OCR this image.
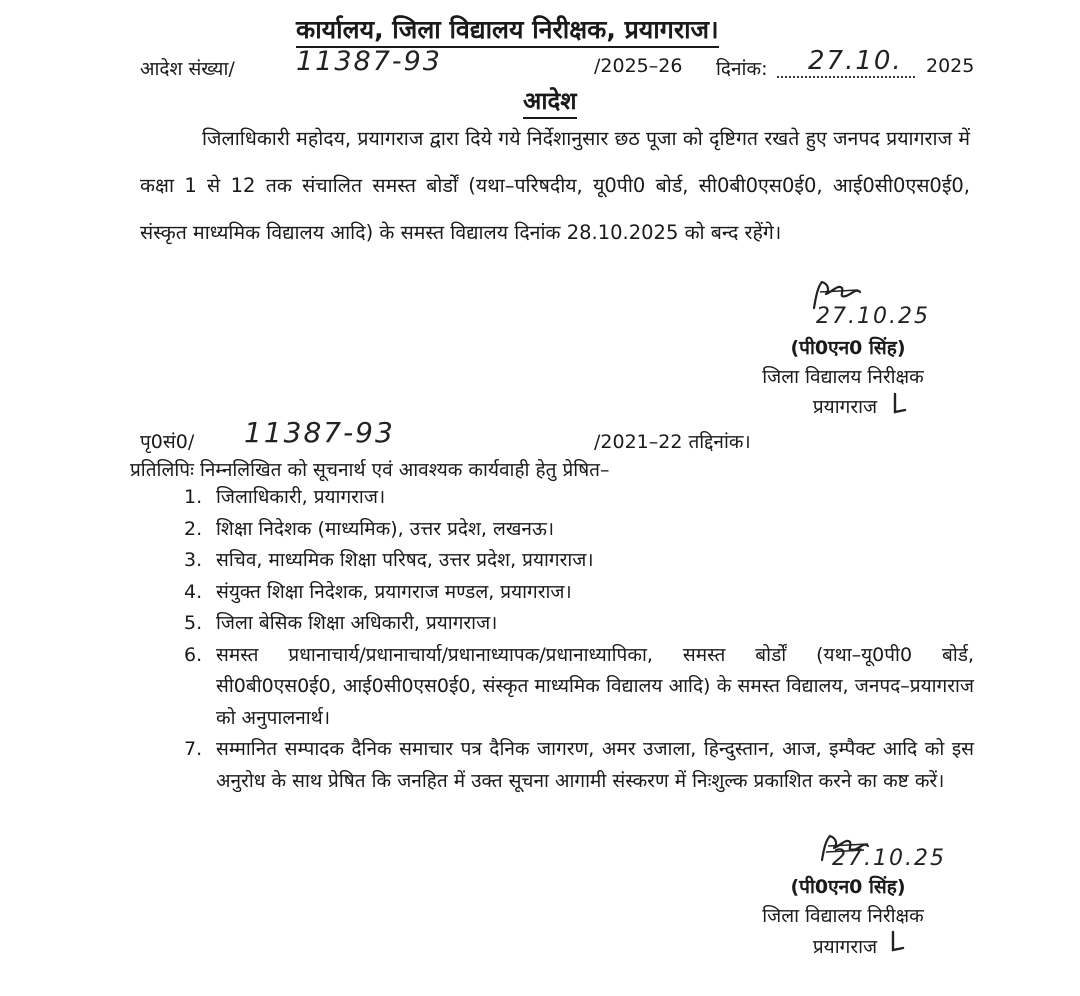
कार्यालय, जिला विद्यालय निरीक्षक, प्रयागराज।
आदेश संख्या/ 11387-93	/2025–26 दिनांक: 27.10. 2025
आदेश
जिलाधिकारी महोदय, प्रयागराज द्वारा दिये गये निर्देशानुसार छठ पूजा को दृष्टिगत रखते हुए जनपद प्रयागराज में कक्षा 1 से 12 तक संचालित समस्त बोर्डों (यथा–परिषदीय, यू0पी0 बोर्ड, सी0बी0एस0ई0, आई0सी0एस0ई0, संस्कृत माध्यमिक विद्यालय आदि) के समस्त विद्यालय दिनांक 28.10.2025 को बन्द रहेंगे।
27.10.25
(पी0एन0 सिंह)
जिला विद्यालय निरीक्षक
प्रयागराज
पृ0सं0/ 11387-93	/2021–22 तद्दिनांक।
प्रतिलिपिः निम्नलिखित को सूचनार्थ एवं आवश्यक कार्यवाही हेतु प्रेषित–
1. जिलाधिकारी, प्रयागराज।
2. शिक्षा निदेशक (माध्यमिक), उत्तर प्रदेश, लखनऊ।
3. सचिव, माध्यमिक शिक्षा परिषद, उत्तर प्रदेश, प्रयागराज।
4. संयुक्त शिक्षा निदेशक, प्रयागराज मण्डल, प्रयागराज।
5. जिला बेसिक शिक्षा अधिकारी, प्रयागराज।
6. समस्त प्रधानाचार्य/प्रधानाचार्या/प्रधानाध्यापक/प्रधानाध्यापिका, समस्त बोर्डों (यथा–यू0पी0 बोर्ड, सी0बी0एस0ई0, आई0सी0एस0ई0, संस्कृत माध्यमिक विद्यालय आदि) के समस्त विद्यालय, जनपद–प्रयागराज को अनुपालनार्थ।
7. सम्मानित सम्पादक दैनिक समाचार पत्र दैनिक जागरण, अमर उजाला, हिन्दुस्तान, आज, इम्पैक्ट आदि को इस अनुरोध के साथ प्रेषित कि जनहित में उक्त सूचना आगामी संस्करण में निःशुल्क प्रकाशित करने का कष्ट करें।
27.10.25
(पी0एन0 सिंह)
जिला विद्यालय निरीक्षक
प्रयागराज
